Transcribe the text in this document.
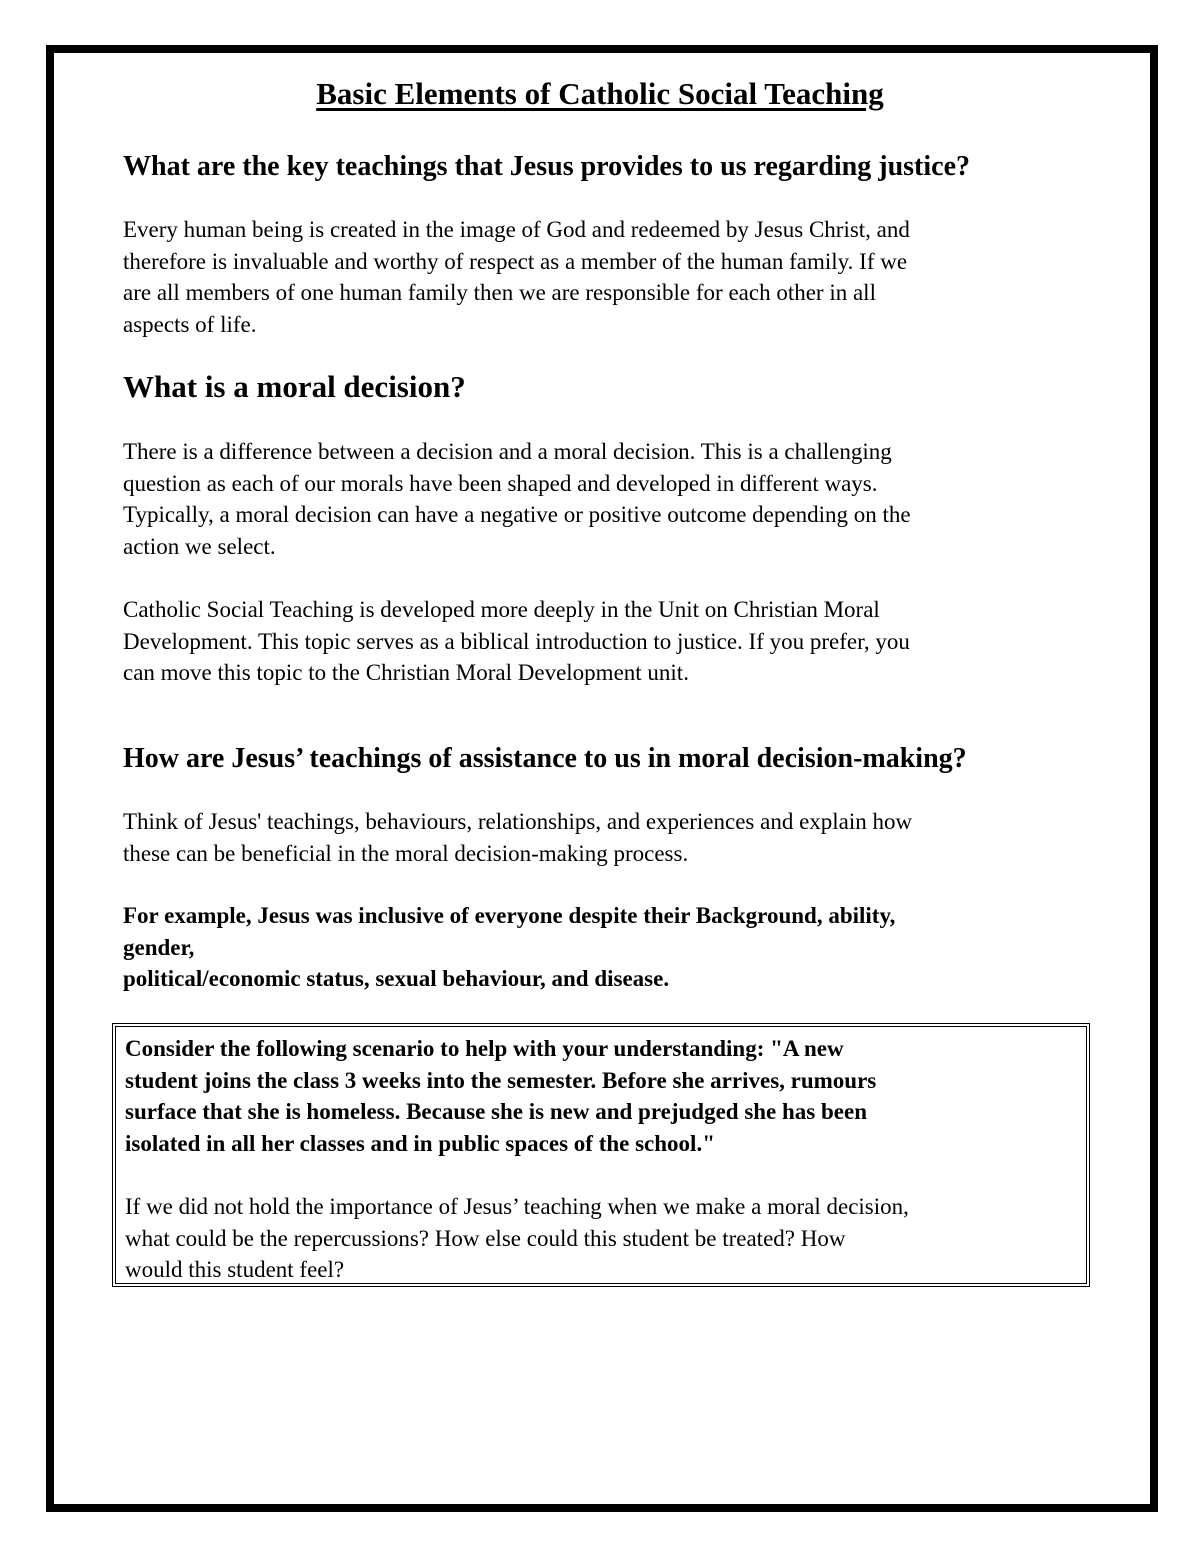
Basic Elements of Catholic Social Teaching
What are the key teachings that Jesus provides to us regarding justice?

Every human being is created in the image of God and redeemed by Jesus Christ, and
therefore is invaluable and worthy of respect as a member of the human family. If we
are all members of one human family then we are responsible for each other in all
aspects of life.

What is a moral decision?

There is a difference between a decision and a moral decision. This is a challenging
question as each of our morals have been shaped and developed in different ways.
Typically, a moral decision can have a negative or positive outcome depending on the
action we select.

Catholic Social Teaching is developed more deeply in the Unit on Christian Moral
Development. This topic serves as a biblical introduction to justice. If you prefer, you
can move this topic to the Christian Moral Development unit.

How are Jesus’ teachings of assistance to us in moral decision-making?

Think of Jesus' teachings, behaviours, relationships, and experiences and explain how
these can be beneficial in the moral decision-making process.

For example, Jesus was inclusive of everyone despite their Background, ability,
gender,
political/economic status, sexual behaviour, and disease.

Consider the following scenario to help with your understanding: "A new
student joins the class 3 weeks into the semester. Before she arrives, rumours
surface that she is homeless. Because she is new and prejudged she has been
isolated in all her classes and in public spaces of the school."

If we did not hold the importance of Jesus’ teaching when we make a moral decision,
what could be the repercussions? How else could this student be treated? How
would this student feel?
